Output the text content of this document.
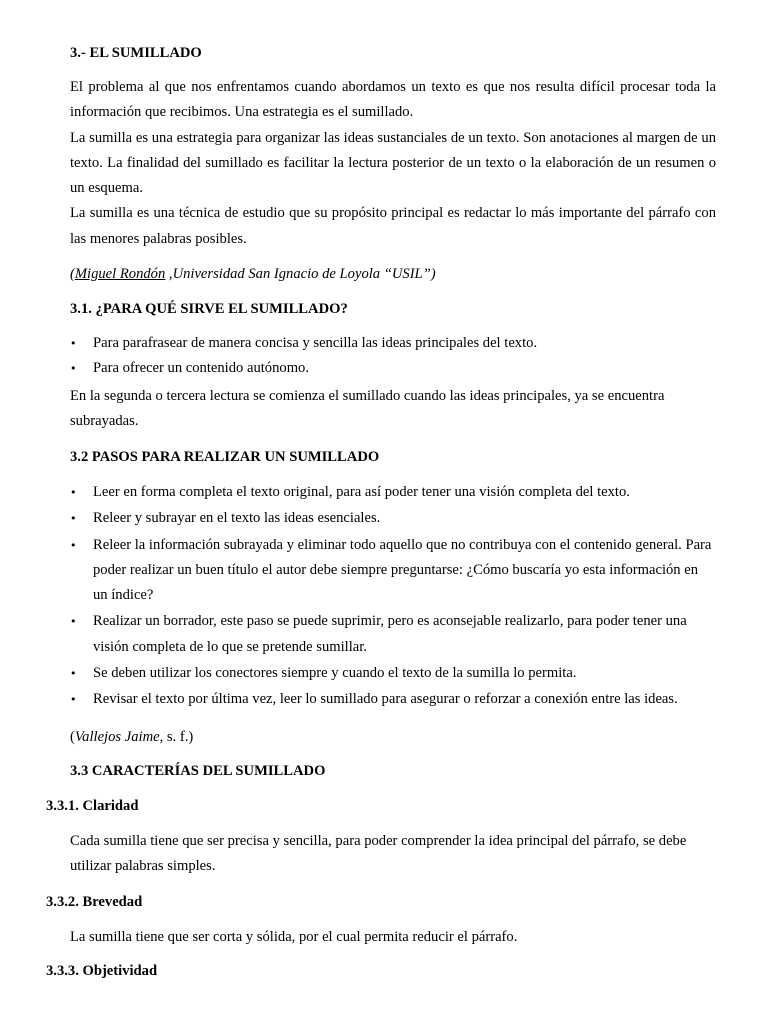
3.- EL SUMILLADO

El problema al que nos enfrentamos cuando abordamos un texto es que nos resulta difícil procesar toda la información que recibimos. Una estrategia es el sumillado.

La sumilla es una estrategia para organizar las ideas sustanciales de un texto. Son anotaciones al margen de un texto. La finalidad del sumillado es facilitar la lectura posterior de un texto o la elaboración de un resumen o un esquema.

La sumilla es una técnica de estudio que su propósito principal es redactar lo más importante del párrafo con las menores palabras posibles.

(Miguel Rondón ,Universidad San Ignacio de Loyola “USIL”)

3.1. ¿PARA QUÉ SIRVE EL SUMILLADO?
• Para parafrasear de manera concisa y sencilla las ideas principales del texto.
• Para ofrecer un contenido autónomo.

En la segunda o tercera lectura se comienza el sumillado cuando las ideas principales, ya se encuentra subrayadas.

3.2 PASOS PARA REALIZAR UN SUMILLADO
• Leer en forma completa el texto original, para así poder tener una visión completa del texto.
• Releer y subrayar en el texto las ideas esenciales.
• Releer la información subrayada y eliminar todo aquello que no contribuya con el contenido general. Para poder realizar un buen título el autor debe siempre preguntarse: ¿Cómo buscaría yo esta información en un índice?
• Realizar un borrador, este paso se puede suprimir, pero es aconsejable realizarlo, para poder tener una visión completa de lo que se pretende sumillar.
• Se deben utilizar los conectores siempre y cuando el texto de la sumilla lo permita.
• Revisar el texto por última vez, leer lo sumillado para asegurar o reforzar a conexión entre las ideas.

(Vallejos Jaime, s. f.)

3.3 CARACTERÍAS DEL SUMILLADO
3.3.1. Claridad

Cada sumilla tiene que ser precisa y sencilla, para poder comprender la idea principal del párrafo, se debe utilizar palabras simples.

3.3.2. Brevedad

La sumilla tiene que ser corta y sólida, por el cual permita reducir el párrafo.

3.3.3. Objetividad
